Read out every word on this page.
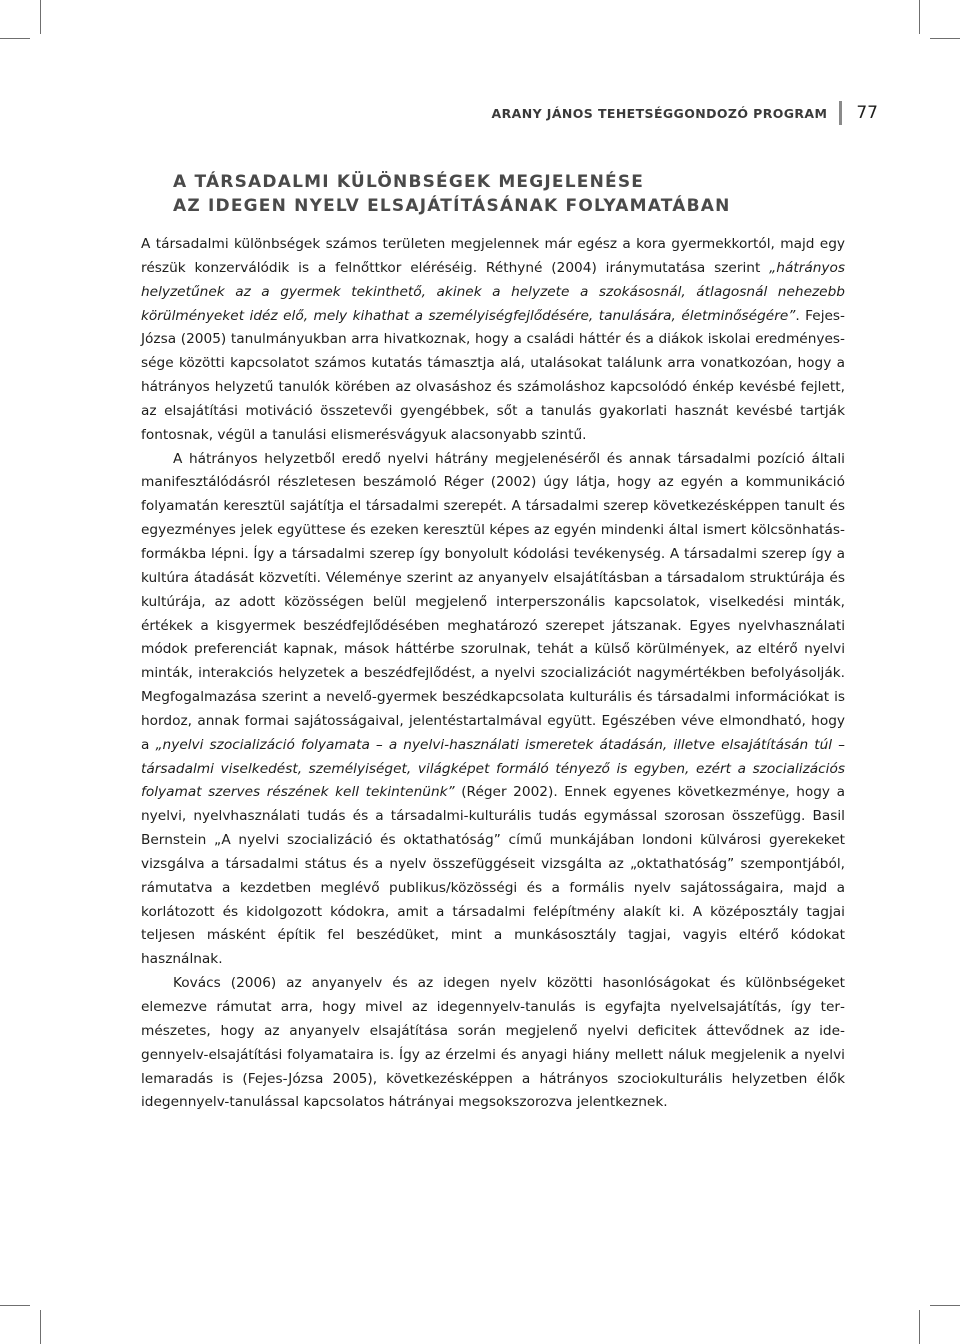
ARANY JÁNOS TEHETSÉGGONDOZÓ PROGRAM 77
A TÁRSADALMI KÜLÖNBSÉGEK MEGJELENÉSE
AZ IDEGEN NYELV ELSAJÁTÍTÁSÁNAK FOLYAMATÁBAN

A társadalmi különbségek számos területen megjelennek már egész a kora gyermekkortól, majd egy részük konzerválódik is a felnőttkor eléréséig. Réthyné (2004) iránymutatása szerint „hátrányos helyzetűnek az a gyermek tekinthető, akinek a helyzete a szokásosnál, átlagosnál nehezebb körülményeket idéz elő, mely kihathat a személyiségfejlődésére, tanulására, életminőségére”. Fejes-Józsa (2005) tanulmányukban arra hivatkoznak, hogy a családi háttér és a diákok iskolai eredményessége közötti kapcsolatot számos kutatás támasztja alá, utalásokat találunk arra vonatkozóan, hogy a hátrányos helyzetű tanulók körében az olvasáshoz és számoláshoz kapcsolódó énkép kevésbé fejlett, az elsajátítási motiváció összetevői gyengébbek, sőt a tanulás gyakorlati hasznát kevésbé tartják fontosnak, végül a tanulási elismerésvágyuk alacsonyabb szintű.

A hátrányos helyzetből eredő nyelvi hátrány megjelenéséről és annak társadalmi pozíció általi manifesztálódásról részletesen beszámoló Réger (2002) úgy látja, hogy az egyén a kommunikáció folyamatán keresztül sajátítja el társadalmi szerepét. A társadalmi szerep következésképpen tanult és egyezményes jelek együttese és ezeken keresztül képes az egyén mindenki által ismert kölcsönhatás-formákba lépni. Így a társadalmi szerep így bonyolult kódolási tevékenység. A társadalmi szerep így a kultúra átadását közvetíti. Véleménye szerint az anyanyelv elsajátításban a társadalom struktúrája és kultúrája, az adott közösségen belül megjelenő interperszonális kapcsolatok, viselkedési minták, értékek a kisgyermek beszédfejlődésében meghatározó szerepet játszanak. Egyes nyelvhasználati módok preferenciát kapnak, mások háttérbe szorulnak, tehát a külső körülmények, az eltérő nyelvi minták, interakciós helyzetek a beszédfejlődést, a nyelvi szocializációt nagymértékben befolyásolják. Megfogalmazása szerint a nevelő-gyermek beszédkapcsolata kulturális és társadalmi információkat is hordoz, annak formai sajátosságaival, jelentéstartalmával együtt. Egészében véve elmondható, hogy a „nyelvi szocializáció folyamata – a nyelvi-használati ismeretek átadásán, illetve elsajátításán túl – társadalmi viselkedést, személyiséget, világképet formáló tényező is egyben, ezért a szocializációs folyamat szerves részének kell tekintenünk” (Réger 2002). Ennek egyenes következménye, hogy a nyelvi, nyelvhasználati tudás és a társadalmi-kulturális tudás egymással szorosan összefügg. Basil Bernstein „A nyelvi szocializáció és oktathatóság” című munkájában londoni külvárosi gyerekeket vizsgálva a társadalmi státus és a nyelv összefüggéseit vizsgálta az „oktathatóság” szempontjából, rámutatva a kezdetben meglévő publikus/közösségi és a formális nyelv sajátosságaira, majd a korlátozott és kidolgozott kódokra, amit a társadalmi felépítmény alakít ki. A középosztály tagjai teljesen másként építik fel beszédüket, mint a munkásosztály tagjai, vagyis eltérő kódokat használnak.

Kovács (2006) az anyanyelv és az idegen nyelv közötti hasonlóságokat és különbségeket elemezve rámutat arra, hogy mivel az idegennyelv-tanulás is egyfajta nyelvelsajátítás, így természetes, hogy az anyanyelv elsajátítása során megjelenő nyelvi deficitek áttevődnek az idegennyelv-elsajátítási folyamataira is. Így az érzelmi és anyagi hiány mellett náluk megjelenik a nyelvi lemaradás is (Fejes-Józsa 2005), következésképpen a hátrányos szociokulturális helyzetben élők idegennyelv-tanulással kapcsolatos hátrányai megsokszorozva jelentkeznek.
